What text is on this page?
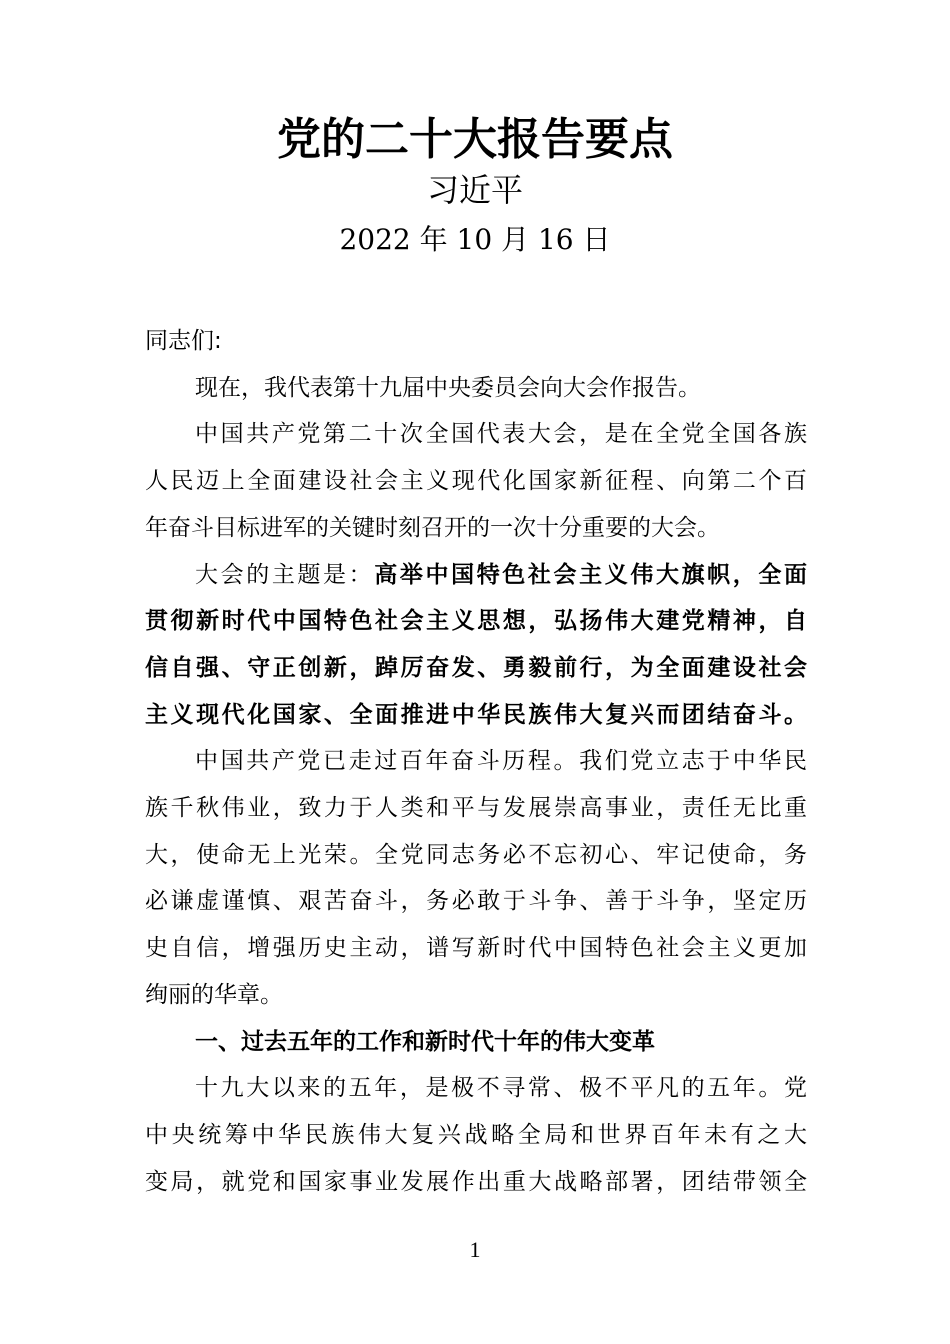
党的二十大报告要点
习近平
2022 年 10 月 16 日
同志们:
现在，我代表第十九届中央委员会向大会作报告。
中国共产党第二十次全国代表大会，是在全党全国各族
人民迈上全面建设社会主义现代化国家新征程、向第二个百
年奋斗目标进军的关键时刻召开的一次十分重要的大会。
大会的主题是：高举中国特色社会主义伟大旗帜，全面
贯彻新时代中国特色社会主义思想，弘扬伟大建党精神，自
信自强、守正创新，踔厉奋发、勇毅前行，为全面建设社会
主义现代化国家、全面推进中华民族伟大复兴而团结奋斗。
中国共产党已走过百年奋斗历程。我们党立志于中华民
族千秋伟业，致力于人类和平与发展崇高事业，责任无比重
大，使命无上光荣。全党同志务必不忘初心、牢记使命，务
必谦虚谨慎、艰苦奋斗，务必敢于斗争、善于斗争，坚定历
史自信，增强历史主动，谱写新时代中国特色社会主义更加
绚丽的华章。
一、过去五年的工作和新时代十年的伟大变革
十九大以来的五年，是极不寻常、极不平凡的五年。党
中央统筹中华民族伟大复兴战略全局和世界百年未有之大
变局，就党和国家事业发展作出重大战略部署，团结带领全
1
